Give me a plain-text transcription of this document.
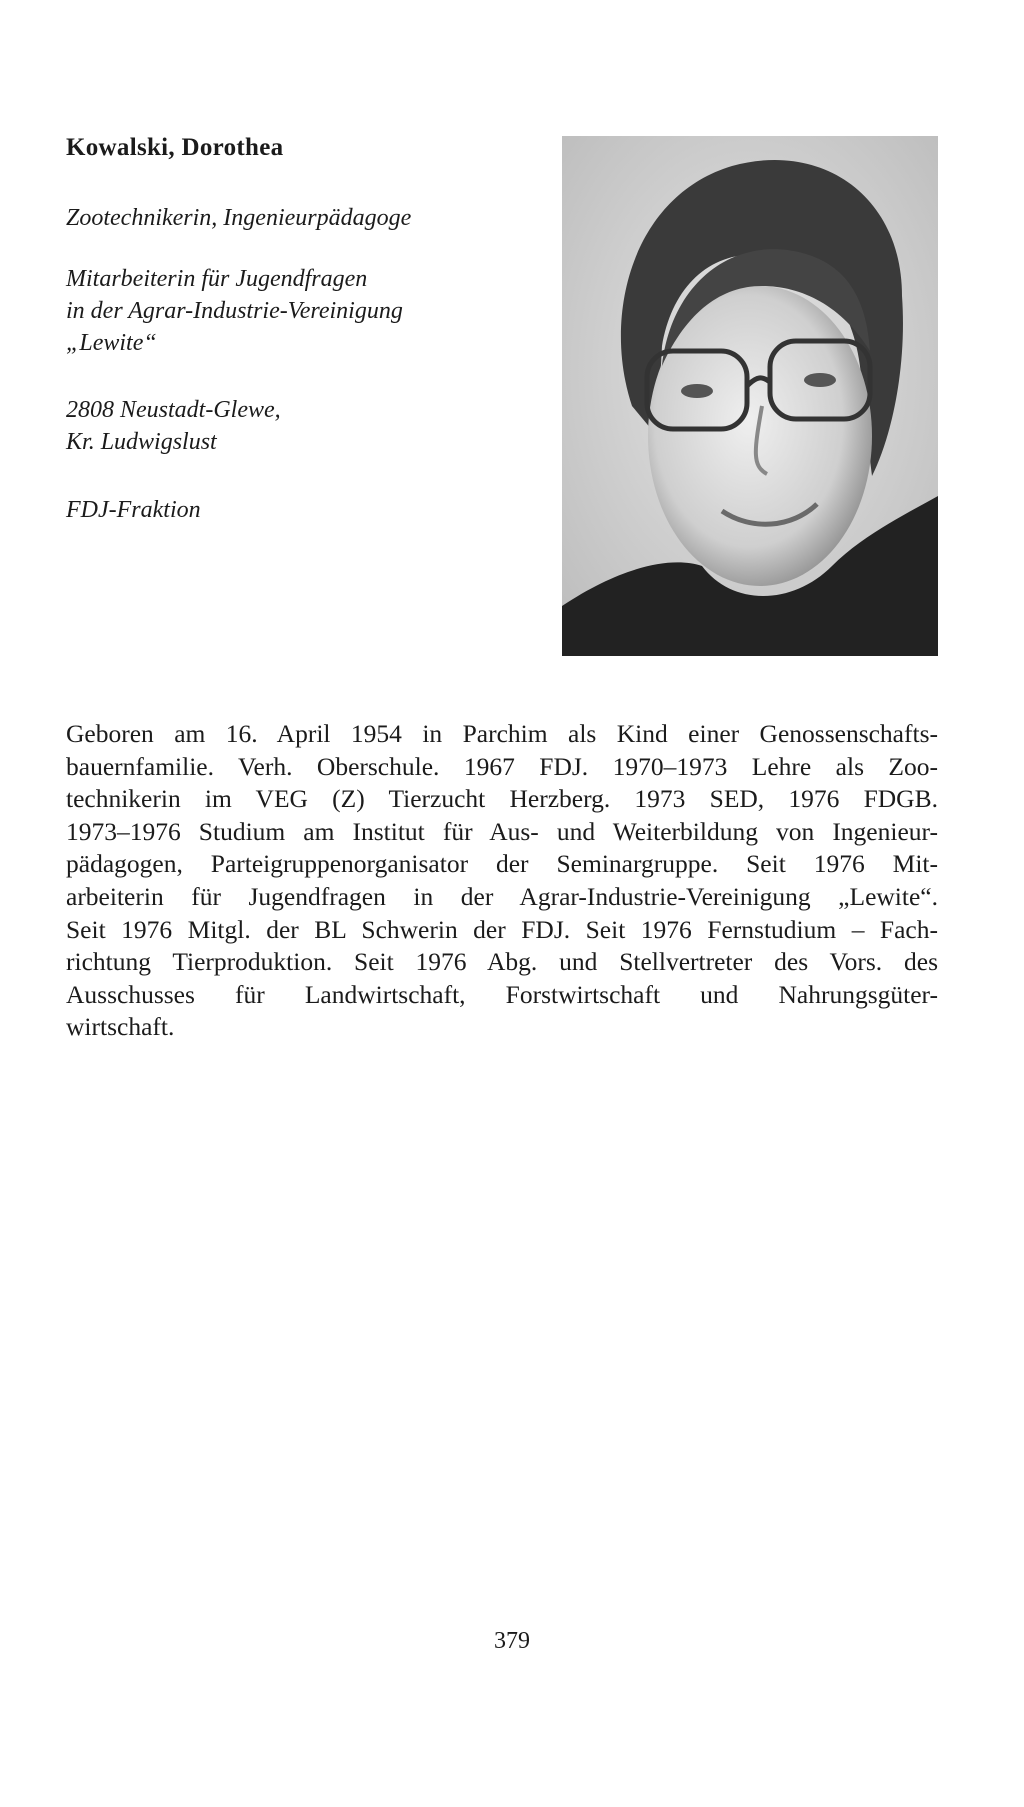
Kowalski, Dorothea
Zootechnikerin, Ingenieurpädagoge
Mitarbeiterin für Jugendfragen
in der Agrar-Industrie-Vereinigung
„Lewite“
2808 Neustadt-Glewe,
Kr. Ludwigslust
FDJ-Fraktion
Geboren am 16. April 1954 in Parchim als Kind einer Genossenschafts-
bauernfamilie. Verh. Oberschule. 1967 FDJ. 1970–1973 Lehre als Zoo-
technikerin im VEG (Z) Tierzucht Herzberg. 1973 SED, 1976 FDGB.
1973–1976 Studium am Institut für Aus- und Weiterbildung von Ingenieur-
pädagogen, Parteigruppenorganisator der Seminargruppe. Seit 1976 Mit-
arbeiterin für Jugendfragen in der Agrar-Industrie-Vereinigung „Lewite“.
Seit 1976 Mitgl. der BL Schwerin der FDJ. Seit 1976 Fernstudium – Fach-
richtung Tierproduktion. Seit 1976 Abg. und Stellvertreter des Vors. des
Ausschusses für Landwirtschaft, Forstwirtschaft und Nahrungsgüter-
wirtschaft.
379
